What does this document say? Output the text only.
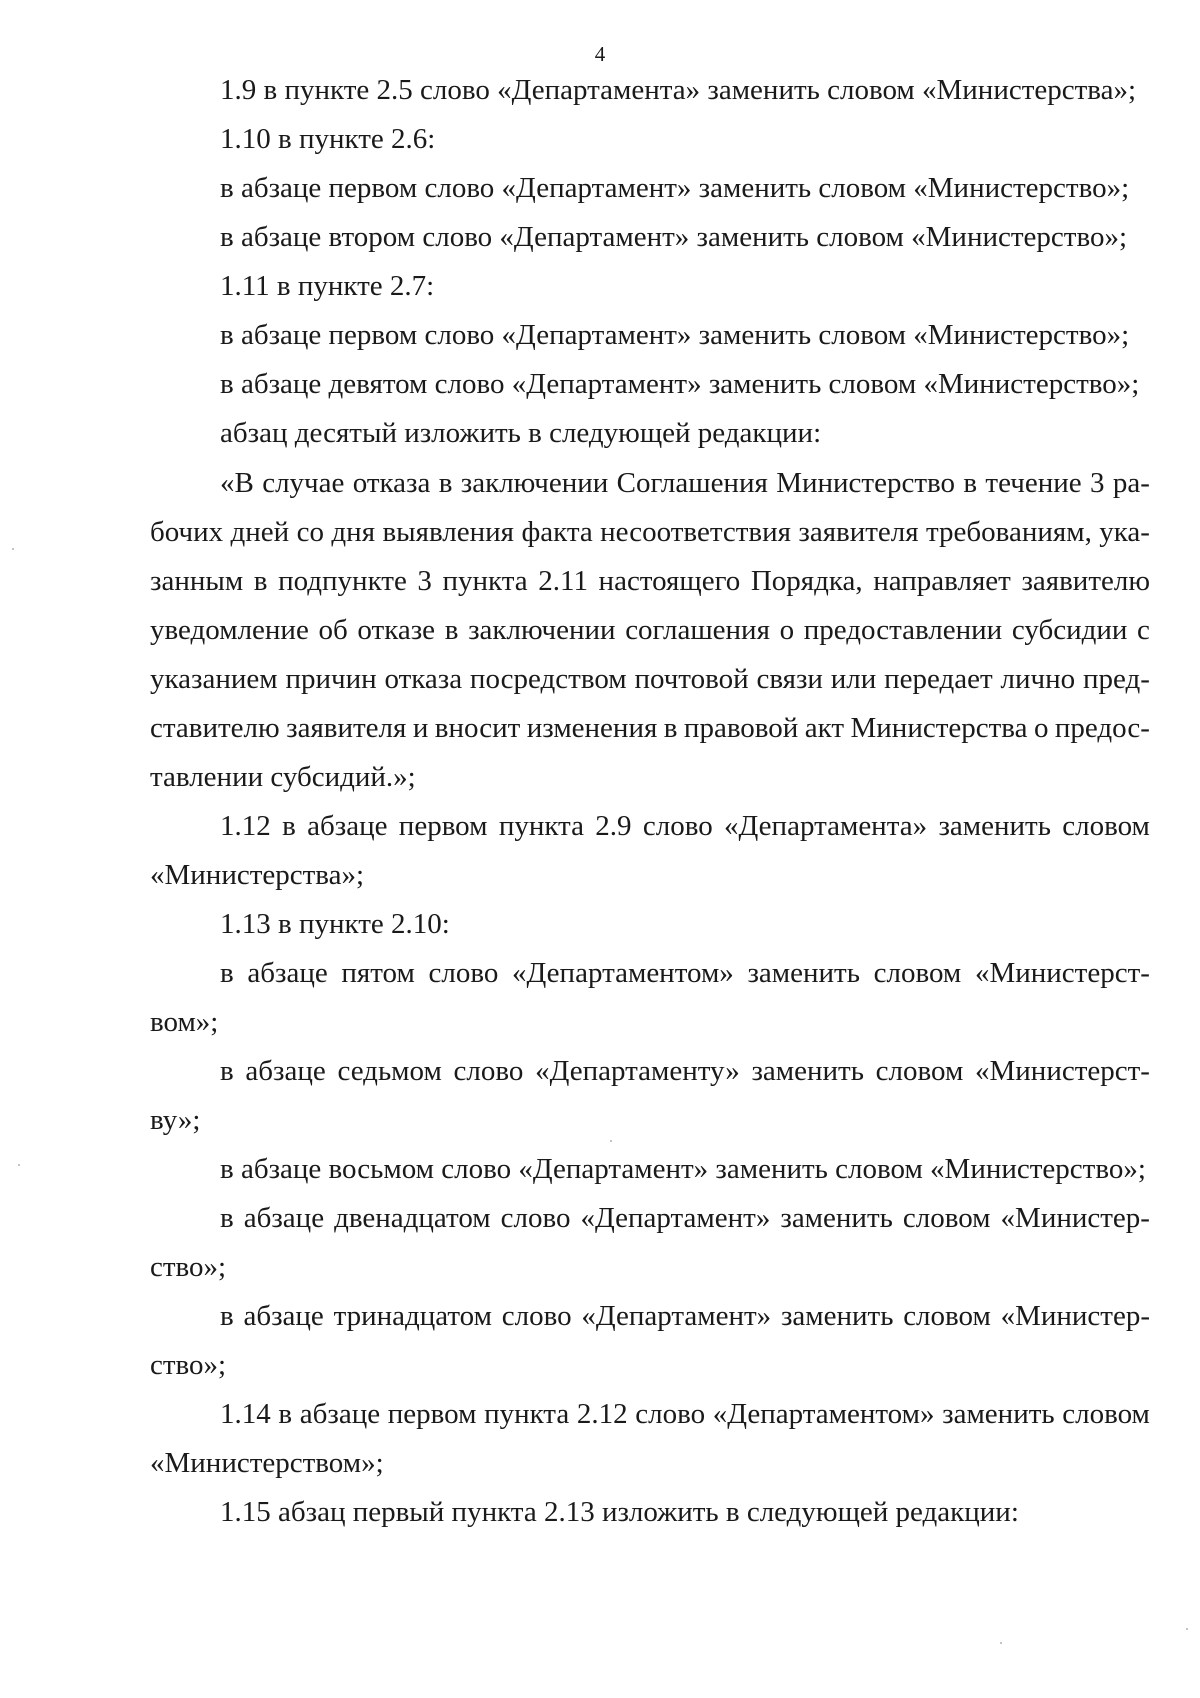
4
1.9 в пункте 2.5 слово «Департамента» заменить словом «Министерства»;
1.10 в пункте 2.6:
в абзаце первом слово «Департамент» заменить словом «Министерство»;
в абзаце втором слово «Департамент» заменить словом «Министерство»;
1.11 в пункте 2.7:
в абзаце первом слово «Департамент» заменить словом «Министерство»;
в абзаце девятом слово «Департамент» заменить словом «Министерство»;
абзац десятый изложить в следующей редакции:
«В случае отказа в заключении Соглашения Министерство в течение 3 ра-
бочих дней со дня выявления факта несоответствия заявителя требованиям, ука-
занным в подпункте 3 пункта 2.11 настоящего Порядка, направляет заявителю
уведомление об отказе в заключении соглашения о предоставлении субсидии с
указанием причин отказа посредством почтовой связи или передает лично пред-
ставителю заявителя и вносит изменения в правовой акт Министерства о предос-
тавлении субсидий.»;
1.12 в абзаце первом пункта 2.9 слово «Департамента» заменить словом
«Министерства»;
1.13 в пункте 2.10:
в абзаце пятом слово «Департаментом» заменить словом «Министерст-
вом»;
в абзаце седьмом слово «Департаменту» заменить словом «Министерст-
ву»;
в абзаце восьмом слово «Департамент» заменить словом «Министерство»;
в абзаце двенадцатом слово «Департамент» заменить словом «Министер-
ство»;
в абзаце тринадцатом слово «Департамент» заменить словом «Министер-
ство»;
1.14 в абзаце первом пункта 2.12 слово «Департаментом» заменить словом
«Министерством»;
1.15 абзац первый пункта 2.13 изложить в следующей редакции:
